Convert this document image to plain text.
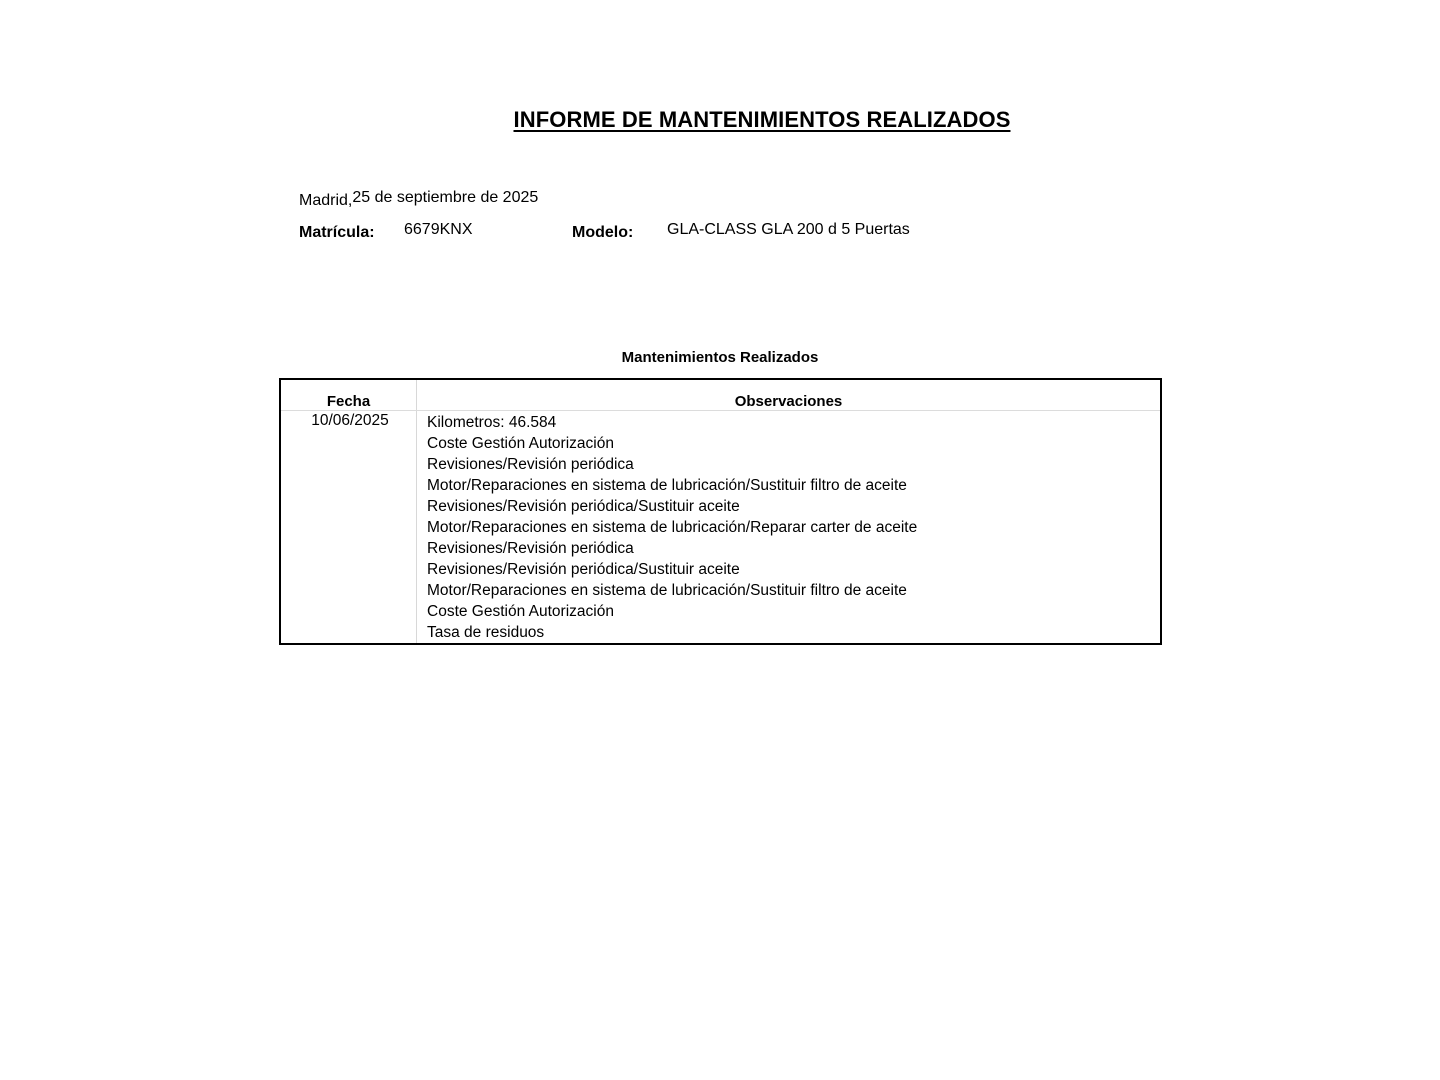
INFORME DE MANTENIMIENTOS REALIZADOS
Madrid,25 de septiembre de 2025
Matrícula: 6679KNX	Modelo: GLA-CLASS GLA 200 d 5 Puertas
Mantenimientos Realizados
Fecha	Observaciones
10/06/2025	Kilometros: 46.584
Coste Gestión Autorización
Revisiones/Revisión periódica
Motor/Reparaciones en sistema de lubricación/Sustituir filtro de aceite
Revisiones/Revisión periódica/Sustituir aceite
Motor/Reparaciones en sistema de lubricación/Reparar carter de aceite
Revisiones/Revisión periódica
Revisiones/Revisión periódica/Sustituir aceite
Motor/Reparaciones en sistema de lubricación/Sustituir filtro de aceite
Coste Gestión Autorización
Tasa de residuos
